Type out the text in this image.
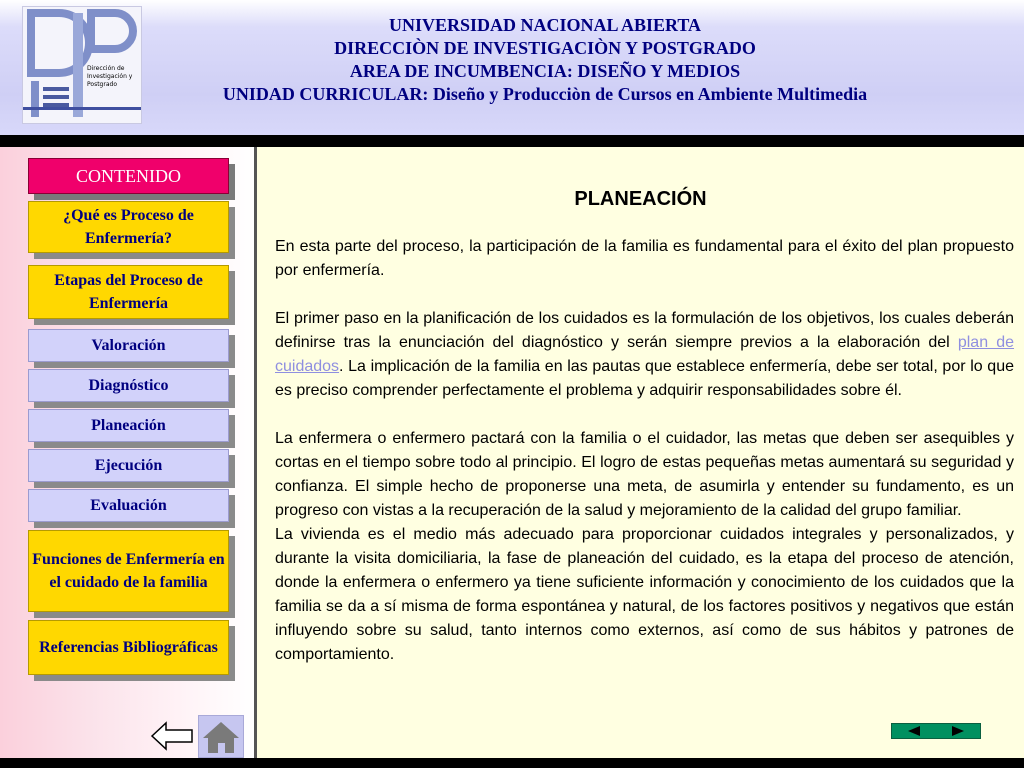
Dirección de
Investigación y
Postgrado
UNIVERSIDAD NACIONAL ABIERTA
DIRECCIÒN DE INVESTIGACIÒN Y POSTGRADO
AREA DE INCUMBENCIA: DISEÑO Y MEDIOS
UNIDAD CURRICULAR: Diseño y Producciòn de Cursos en Ambiente Multimedia
CONTENIDO
¿Qué es Proceso de Enfermería?
Etapas del Proceso de Enfermería
Valoración
Diagnóstico
Planeación
Ejecución
Evaluación
Funciones de Enfermería en el cuidado de la familia
Referencias Bibliográficas
PLANEACIÓN

En esta parte del proceso, la participación de la familia es fundamental para el éxito del plan propuesto por enfermería.

El primer paso en la planificación de los cuidados es la formulación de los objetivos, los cuales deberán definirse tras la enunciación del diagnóstico y serán siempre previos a la elaboración del plan de cuidados. La implicación de la familia en las pautas que establece enfermería, debe ser total, por lo que es preciso comprender perfectamente el problema y adquirir responsabilidades sobre él.

La enfermera o enfermero pactará con la familia o el cuidador, las metas que deben ser asequibles y cortas en el tiempo sobre todo al principio. El logro de estas pequeñas metas aumentará su seguridad y confianza. El simple hecho de proponerse una meta, de asumirla y entender su fundamento, es un progreso con vistas a la recuperación de la salud y mejoramiento de la calidad del grupo familiar.

La vivienda es el medio más adecuado para proporcionar cuidados integrales y personalizados, y durante la visita domiciliaria, la fase de planeación del cuidado, es la etapa del proceso de atención, donde la enfermera o enfermero ya tiene suficiente información y conocimiento de los cuidados que la familia se da a sí misma de forma espontánea y natural, de los factores positivos y negativos que están influyendo sobre su salud, tanto internos como externos, así como de sus hábitos y patrones de comportamiento.
